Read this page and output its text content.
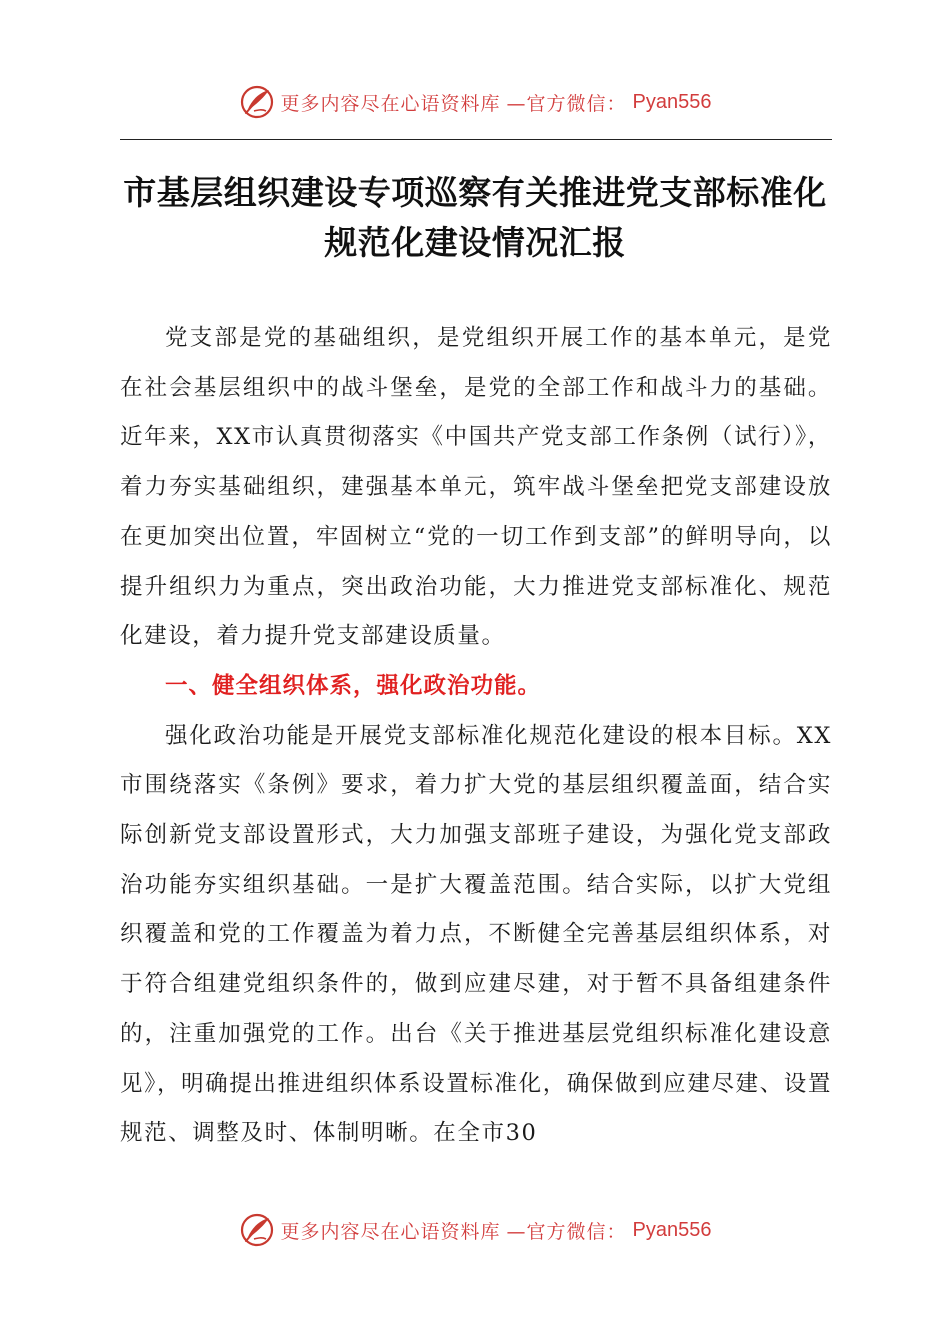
更多内容尽在心语资料库 —官方微信： Pyan556
市基层组织建设专项巡察有关推进党支部标准化规范化建设情况汇报

党支部是党的基础组织，是党组织开展工作的基本单元，是党在社会基层组织中的战斗堡垒，是党的全部工作和战斗力的基础。近年来，XX市认真贯彻落实《中国共产党支部工作条例（试行）》，着力夯实基础组织，建强基本单元，筑牢战斗堡垒把党支部建设放在更加突出位置，牢固树立“党的一切工作到支部”的鲜明导向，以提升组织力为重点，突出政治功能，大力推进党支部标准化、规范化建设，着力提升党支部建设质量。

一、健全组织体系，强化政治功能。

强化政治功能是开展党支部标准化规范化建设的根本目标。XX市围绕落实《条例》要求，着力扩大党的基层组织覆盖面，结合实际创新党支部设置形式，大力加强支部班子建设，为强化党支部政治功能夯实组织基础。一是扩大覆盖范围。结合实际，以扩大党组织覆盖和党的工作覆盖为着力点，不断健全完善基层组织体系，对于符合组建党组织条件的，做到应建尽建，对于暂不具备组建条件的，注重加强党的工作。出台《关于推进基层党组织标准化建设意见》，明确提出推进组织体系设置标准化，确保做到应建尽建、设置规范、调整及时、体制明晰。在全市30

更多内容尽在心语资料库 —官方微信： Pyan556
